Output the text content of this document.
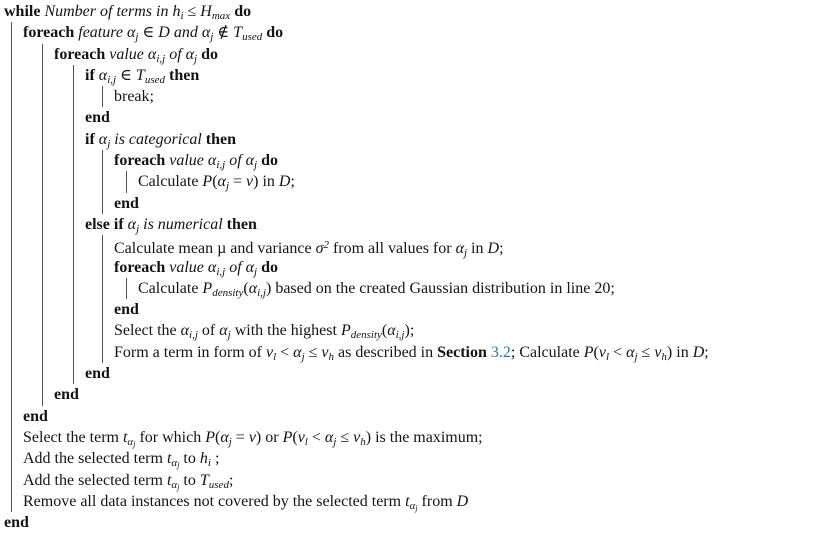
while Number of terms in hi ≤ Hmax do
foreach feature αj ∈ D and αj ∉ Tused do
foreach value αi,j of αj do
if αi,j ∈ Tused then
break;
end
if αj is categorical then
foreach value αi,j of αj do
Calculate P(αj = v) in D;
end
else if αj is numerical then
Calculate mean µ and variance $\sigma^2$ from all values for αj in D;
foreach value αi,j of αj do
Calculate Pdensity(αi,j) based on the created Gaussian distribution in line 20;
end
Select the αi,j of αj with the highest Pdensity(αi,j);
Form a term in form of vl < αj ≤ vh as described in Section 3.2; Calculate P(vl < αj ≤ vh) in D;
end
end
end
Select the term $t\alpha_j$ for which P(αj = v) or P(vl < αj ≤ vh) is the maximum;
Add the selected term $t\alpha_j$ to hi ;
Add the selected term $t\alpha_j$ to Tused;
Remove all data instances not covered by the selected term $t\alpha_j$ from D
end
